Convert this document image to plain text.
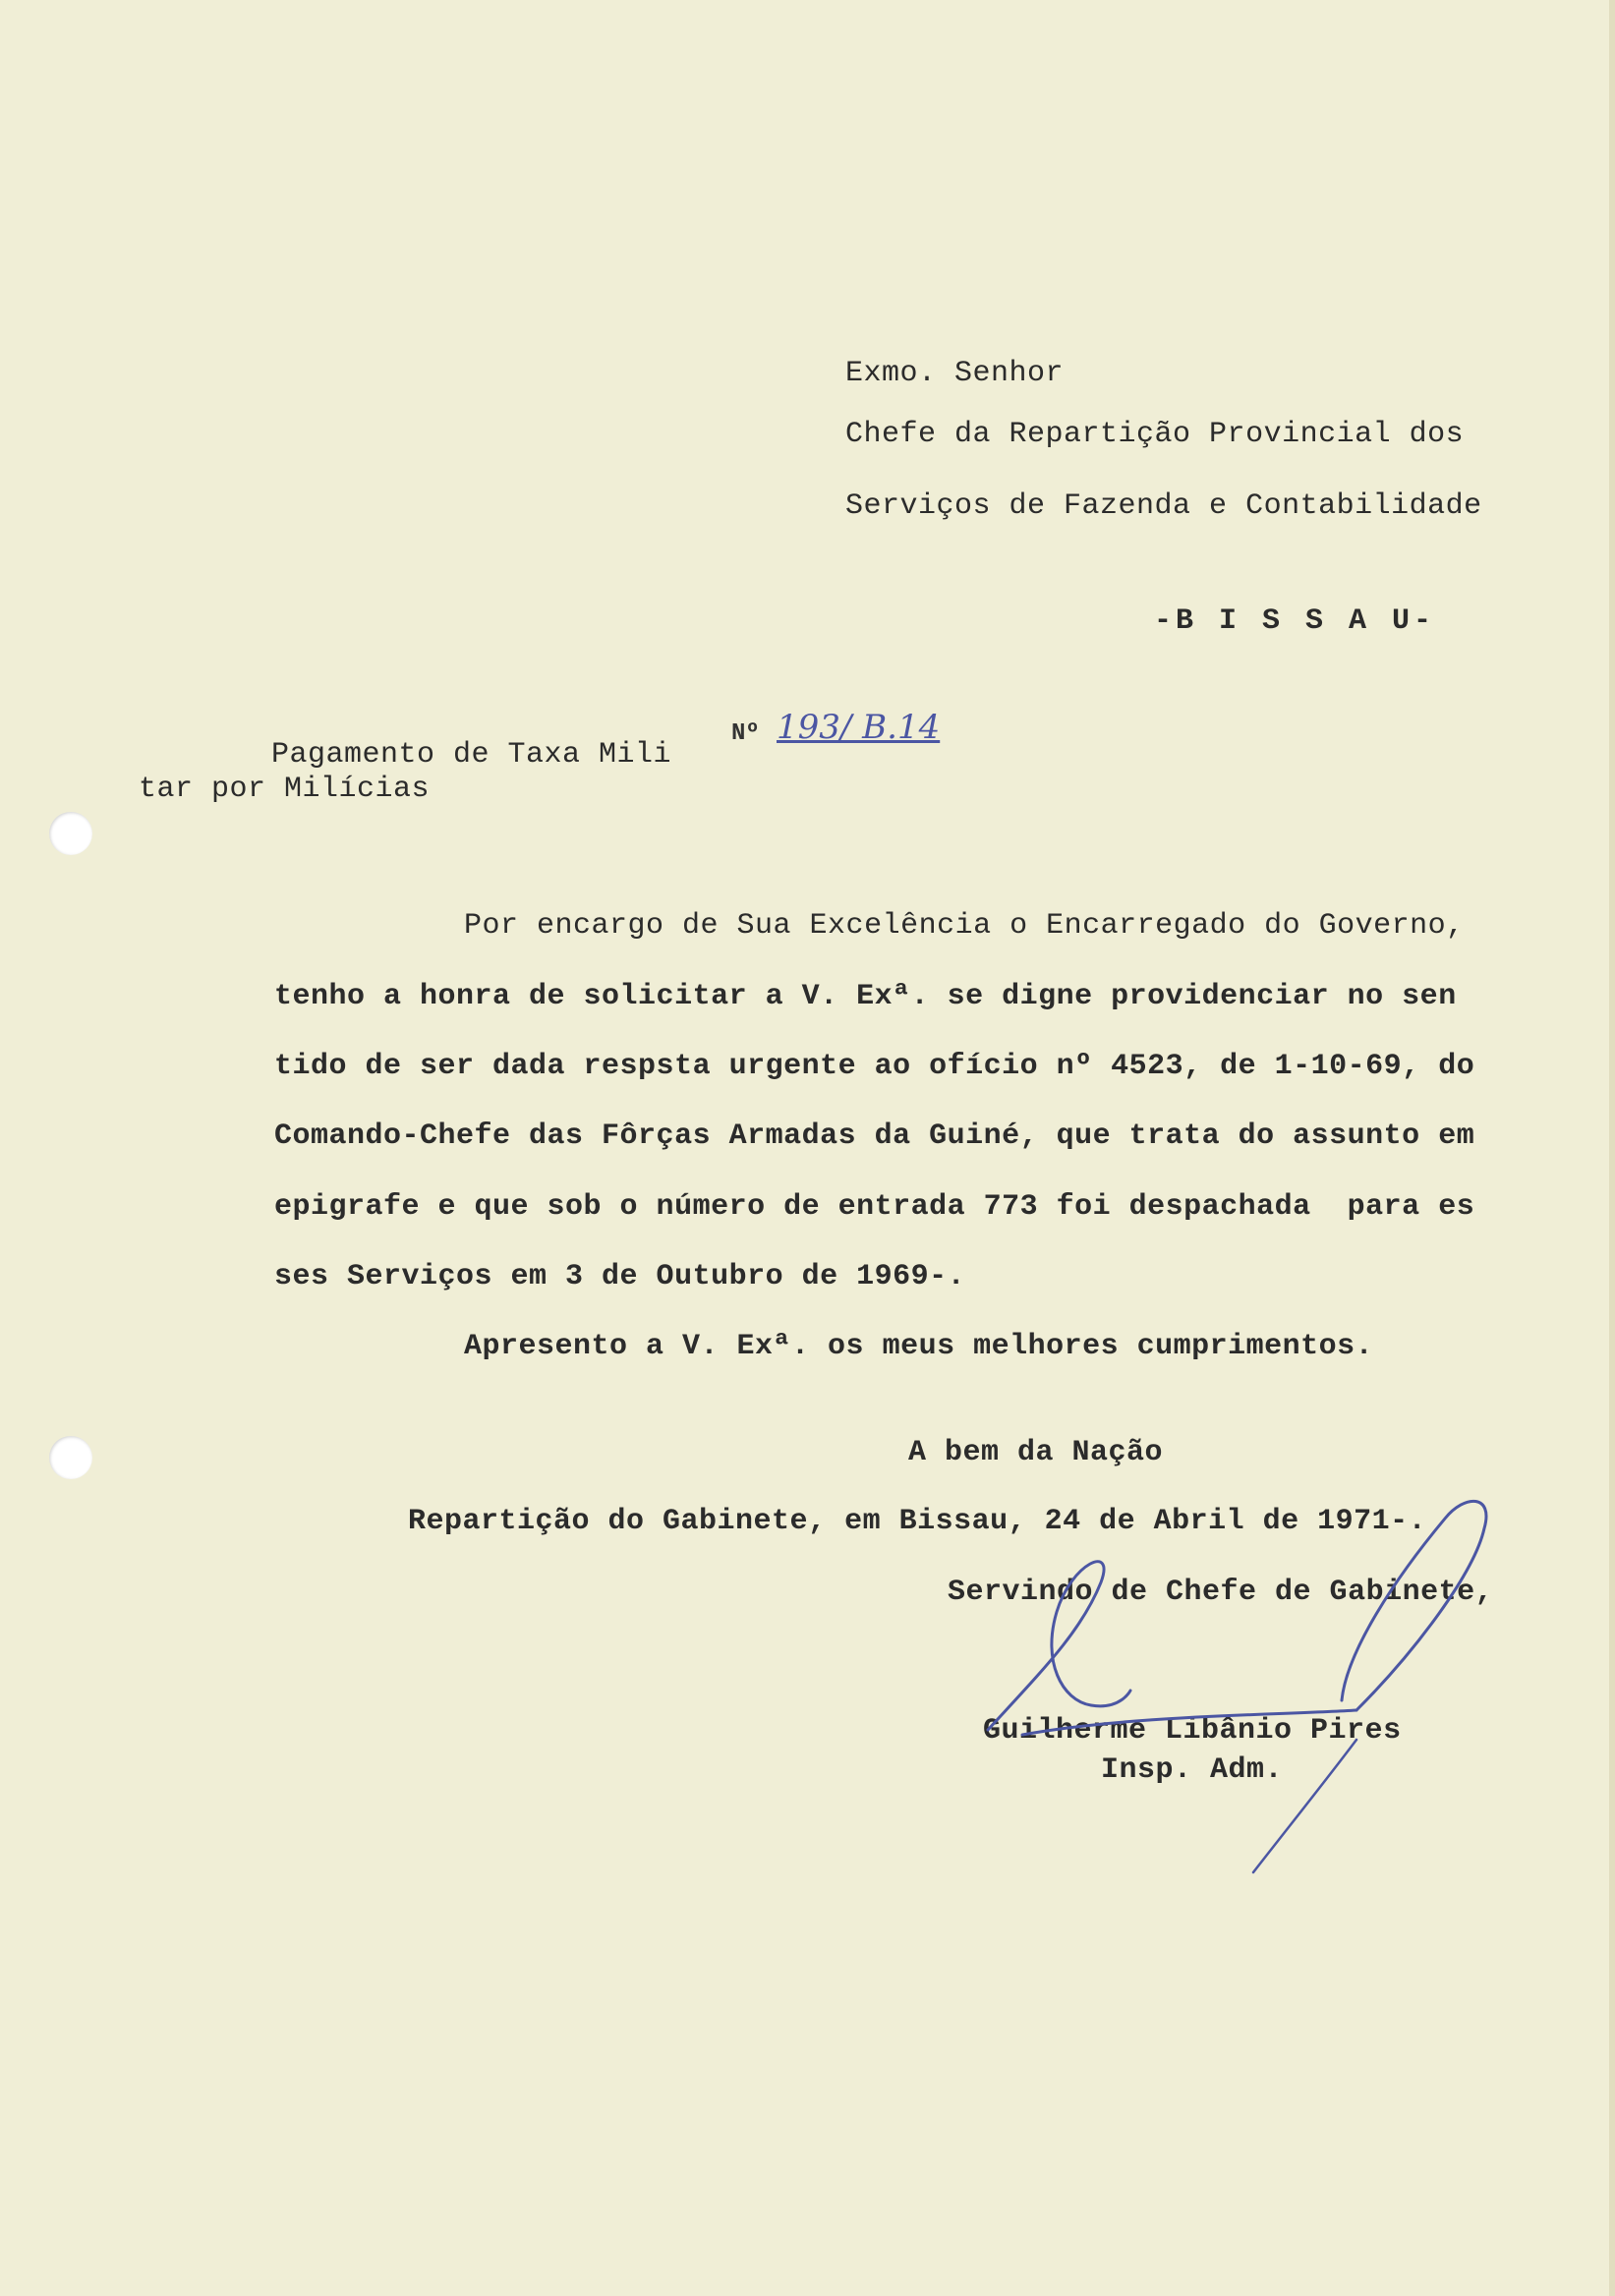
Exmo. Senhor
Chefe da Repartição Provincial dos
Serviços de Fazenda e Contabilidade
-B I S S A U-
Pagamento de Taxa Mili
tar por Milícias
Nº 193/ B.14
Por encargo de Sua Excelência o Encarregado do Governo,
tenho a honra de solicitar a V. Exª. se digne providenciar no sen
tido de ser dada respsta urgente ao ofício nº 4523, de 1-10-69, do
Comando-Chefe das Fôrças Armadas da Guiné, que trata do assunto em
epigrafe e que sob o número de entrada 773 foi despachada  para es
ses Serviços em 3 de Outubro de 1969-.
Apresento a V. Exª. os meus melhores cumprimentos.
A bem da Nação
Repartição do Gabinete, em Bissau, 24 de Abril de 1971-.
Servindo de Chefe de Gabinete,
Guilherme Libânio Pires
Insp. Adm.
